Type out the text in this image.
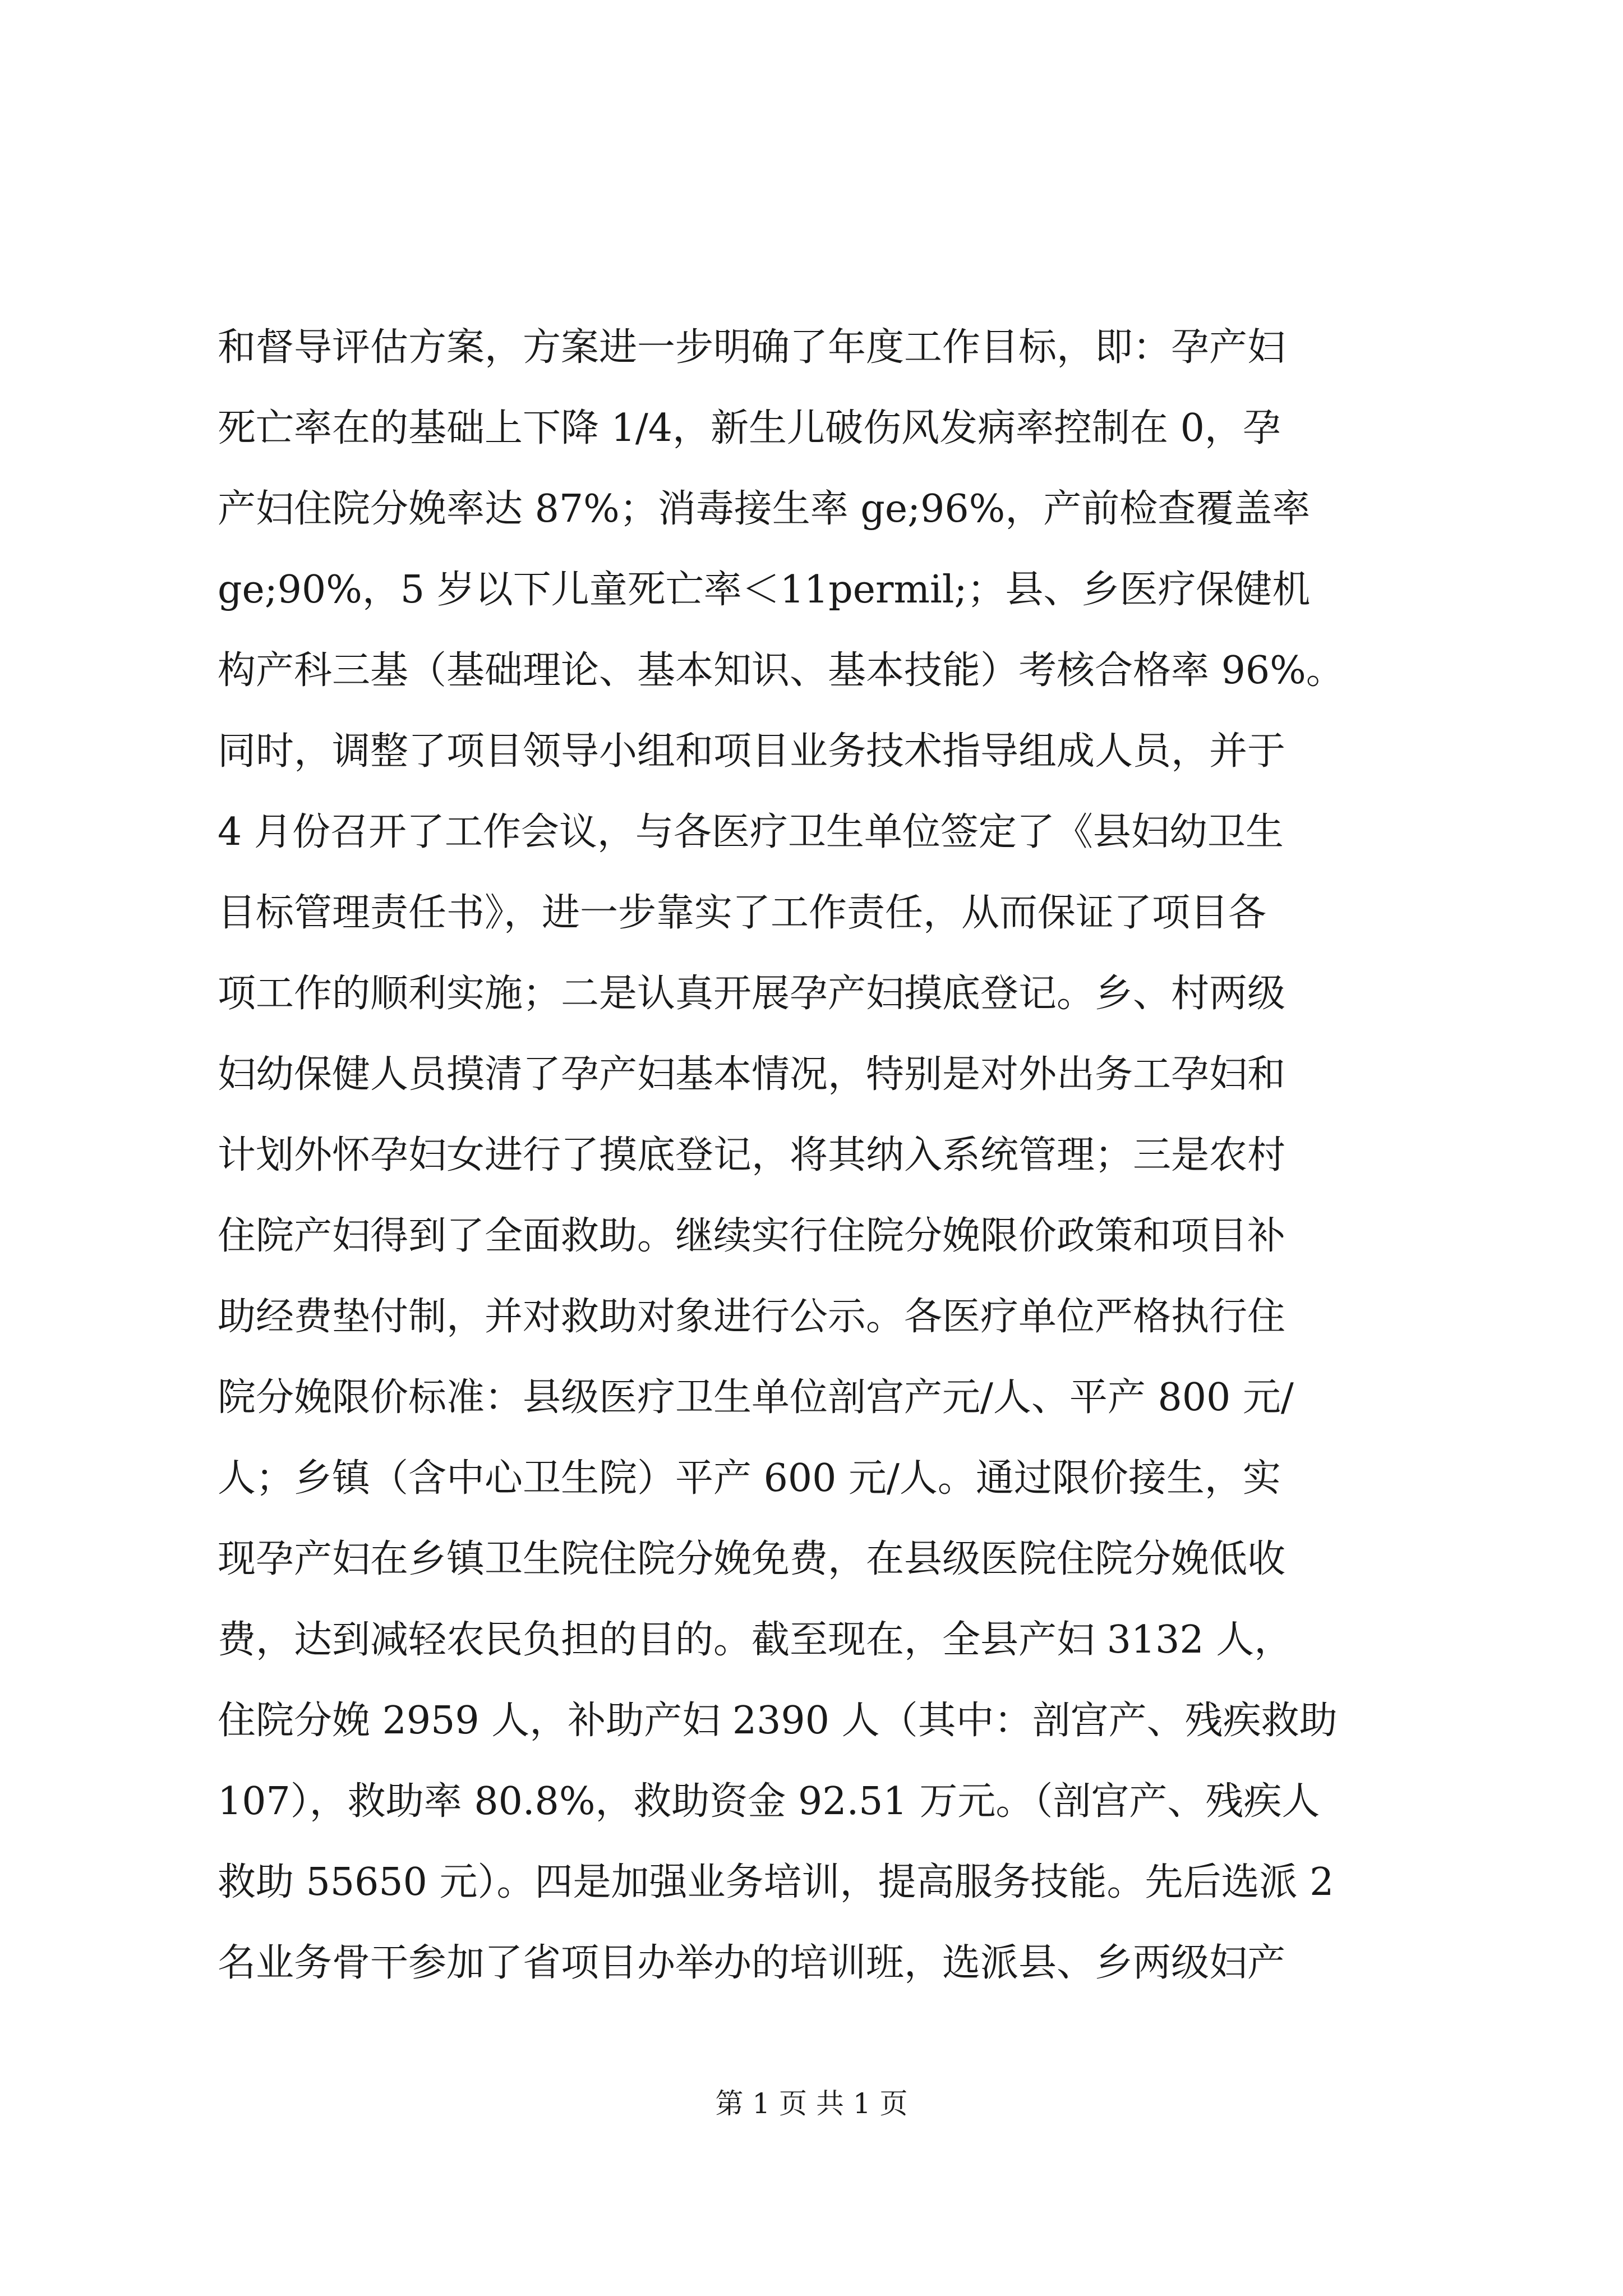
和督导评估方案，方案进一步明确了年度工作目标，即：孕产妇
死亡率在的基础上下降 1/4，新生儿破伤风发病率控制在 0，孕
产妇住院分娩率达 87%；消毒接生率 ge;96%，产前检查覆盖率
ge;90%，5 岁以下儿童死亡率＜11permil;；县、乡医疗保健机
构产科三基（基础理论、基本知识、基本技能）考核合格率 96%。
同时，调整了项目领导小组和项目业务技术指导组成人员，并于
4 月份召开了工作会议，与各医疗卫生单位签定了《县妇幼卫生
目标管理责任书》，进一步靠实了工作责任，从而保证了项目各
项工作的顺利实施；二是认真开展孕产妇摸底登记。乡、村两级
妇幼保健人员摸清了孕产妇基本情况，特别是对外出务工孕妇和
计划外怀孕妇女进行了摸底登记，将其纳入系统管理；三是农村
住院产妇得到了全面救助。继续实行住院分娩限价政策和项目补
助经费垫付制，并对救助对象进行公示。各医疗单位严格执行住
院分娩限价标准：县级医疗卫生单位剖宫产元/人、平产 800 元/
人；乡镇（含中心卫生院）平产 600 元/人。通过限价接生，实
现孕产妇在乡镇卫生院住院分娩免费，在县级医院住院分娩低收
费，达到减轻农民负担的目的。截至现在，全县产妇 3132 人，
住院分娩 2959 人，补助产妇 2390 人（其中：剖宫产、残疾救助
107），救助率 80.8%，救助资金 92.51 万元。（剖宫产、残疾人
救助 55650 元）。四是加强业务培训，提高服务技能。先后选派 2
名业务骨干参加了省项目办举办的培训班，选派县、乡两级妇产
第 1 页 共 1 页
